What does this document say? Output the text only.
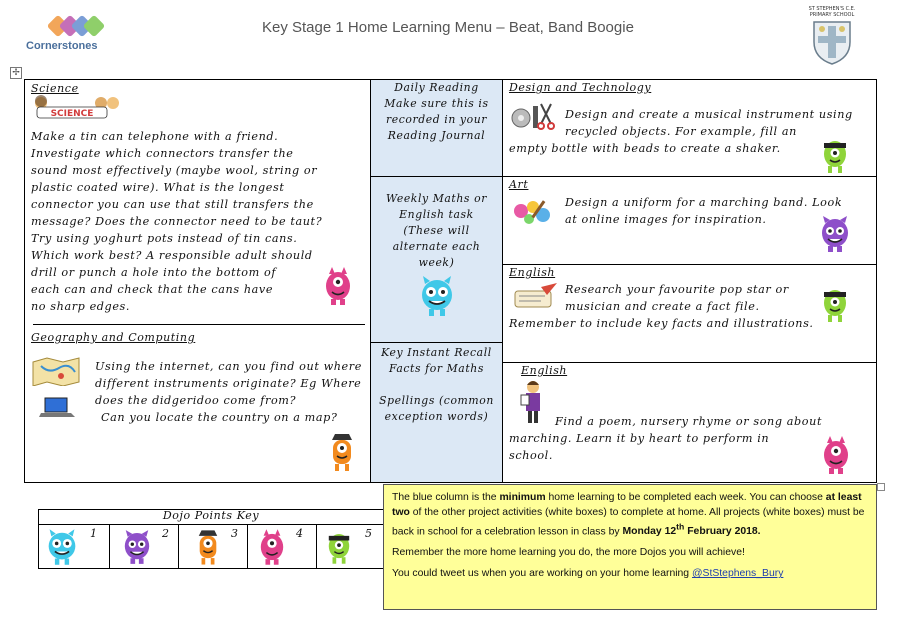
Cornerstones
Key Stage 1 Home Learning Menu – Beat, Band Boogie
ST STEPHEN'S C.E. PRIMARY SCHOOL
✢
Science
SCIENCE
Make a tin can telephone with a friend.
Investigate which connectors transfer the
sound most effectively (maybe wool, string or
plastic coated wire). What is the longest
connector you can use that still transfers the
message? Does the connector need to be taut?
Try using yoghurt pots instead of tin cans.
Which work best? A responsible adult should
drill or punch a hole into the bottom of
each can and check that the cans have
no sharp edges.
Geography and Computing
Using the internet, can you find out where
different instruments originate? Eg Where
does the didgeridoo come from?
Can you locate the country on a map?
Daily Reading
Make sure this is
recorded in your
Reading Journal
Weekly Maths or
English task
(These will
alternate each
week)
Key Instant Recall
Facts for Maths
Spellings (common
exception words)
Design and Technology
Design and create a musical instrument using
recycled objects. For example, fill an
empty bottle with beads to create a shaker.
Art
Design a uniform for a marching band. Look
at online images for inspiration.
English
Research your favourite pop star or
musician and create a fact file.
Remember to include key facts and illustrations.
English
Find a poem, nursery rhyme or song about
marching. Learn it by heart to perform in
school.
Dojo Points Key
1	2	3	4	5

The blue column is the minimum home learning to be completed each week. You can choose at least two of the other project activities (white boxes) to complete at home. All projects (white boxes) must be back in school for a celebration lesson in class by Monday 12th February 2018.

Remember the more home learning you do, the more Dojos you will achieve!

You could tweet us when you are working on your home learning @StStephens_Bury
